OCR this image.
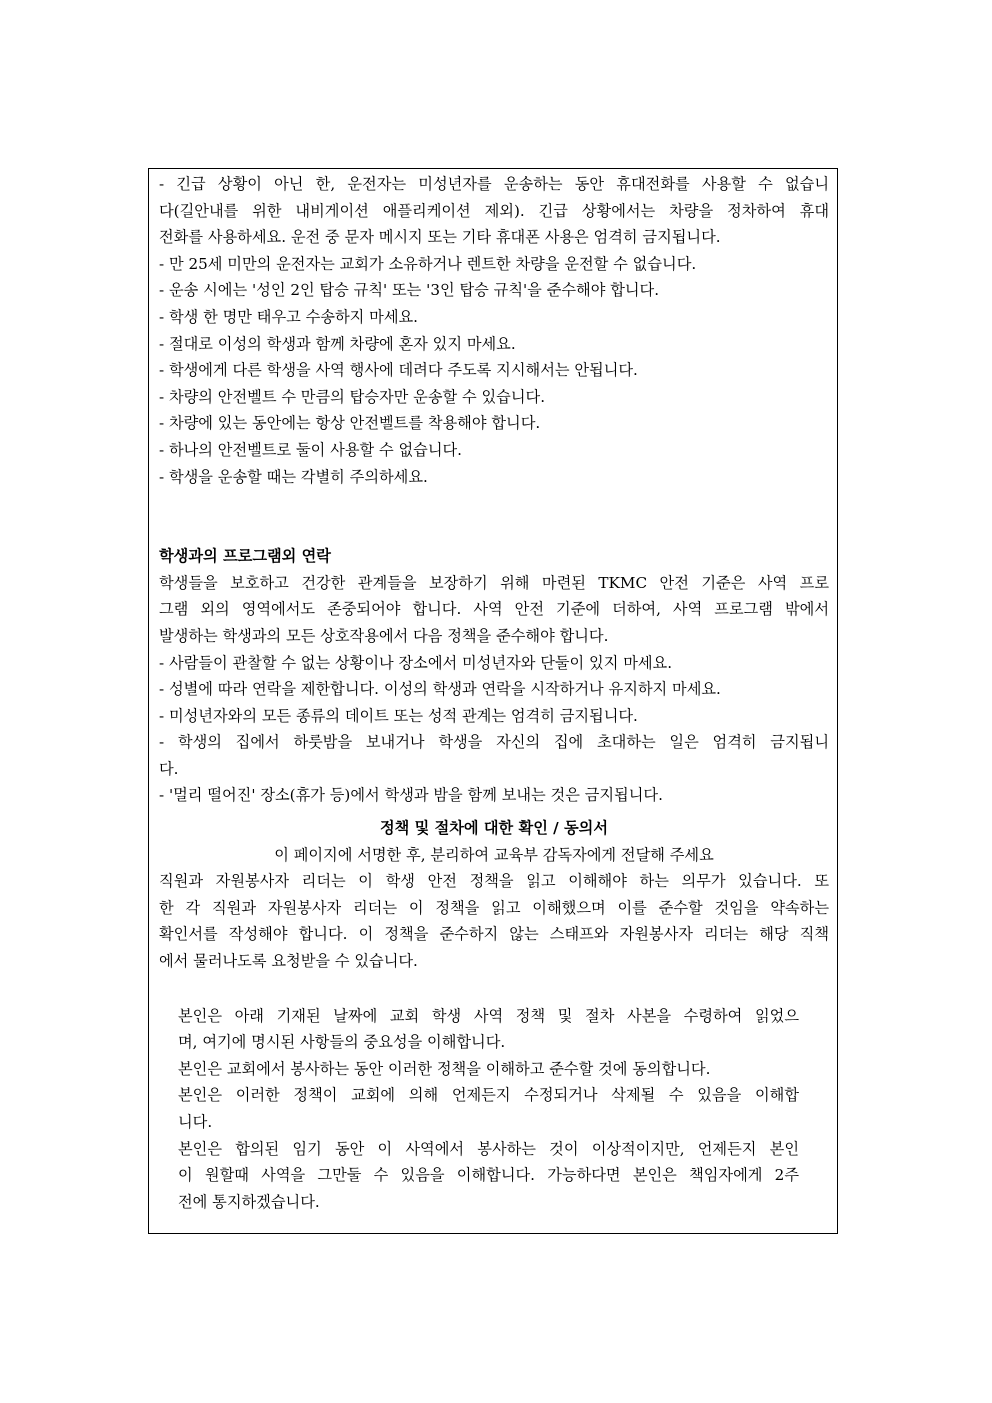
- 긴급 상황이 아닌 한, 운전자는 미성년자를 운송하는 동안 휴대전화를 사용할 수 없습니
다(길안내를 위한 내비게이션 애플리케이션 제외). 긴급 상황에서는 차량을 정차하여 휴대
전화를 사용하세요. 운전 중 문자 메시지 또는 기타 휴대폰 사용은 엄격히 금지됩니다.
- 만 25세 미만의 운전자는 교회가 소유하거나 렌트한 차량을 운전할 수 없습니다.
- 운송 시에는 '성인 2인 탑승 규칙' 또는 '3인 탑승 규칙'을 준수해야 합니다.
- 학생 한 명만 태우고 수송하지 마세요.
- 절대로 이성의 학생과 함께 차량에 혼자 있지 마세요.
- 학생에게 다른 학생을 사역 행사에 데려다 주도록 지시해서는 안됩니다.
- 차량의 안전벨트 수 만큼의 탑승자만 운송할 수 있습니다.
- 차량에 있는 동안에는 항상 안전벨트를 착용해야 합니다.
- 하나의 안전벨트로 둘이 사용할 수 없습니다.
- 학생을 운송할 때는 각별히 주의하세요.
학생과의 프로그램외 연락
학생들을 보호하고 건강한 관계들을 보장하기 위해 마련된 TKMC 안전 기준은 사역 프로
그램 외의 영역에서도 존중되어야 합니다. 사역 안전 기준에 더하여, 사역 프로그램 밖에서
발생하는 학생과의 모든 상호작용에서 다음 정책을 준수해야 합니다.
- 사람들이 관찰할 수 없는 상황이나 장소에서 미성년자와 단둘이 있지 마세요.
- 성별에 따라 연락을 제한합니다. 이성의 학생과 연락을 시작하거나 유지하지 마세요.
- 미성년자와의 모든 종류의 데이트 또는 성적 관계는 엄격히 금지됩니다.
- 학생의 집에서 하룻밤을 보내거나 학생을 자신의 집에 초대하는 일은 엄격히 금지됩니
다.
- '멀리 떨어진' 장소(휴가 등)에서 학생과 밤을 함께 보내는 것은 금지됩니다.
정책 및 절차에 대한 확인 / 동의서
이 페이지에 서명한 후, 분리하여 교육부 감독자에게 전달해 주세요
직원과 자원봉사자 리더는 이 학생 안전 정책을 읽고 이해해야 하는 의무가 있습니다. 또
한 각 직원과 자원봉사자 리더는 이 정책을 읽고 이해했으며 이를 준수할 것임을 약속하는
확인서를 작성해야 합니다. 이 정책을 준수하지 않는 스태프와 자원봉사자 리더는 해당 직책
에서 물러나도록 요청받을 수 있습니다.
본인은 아래 기재된 날짜에 교회 학생 사역 정책 및 절차 사본을 수령하여 읽었으
며, 여기에 명시된 사항들의 중요성을 이해합니다.
본인은 교회에서 봉사하는 동안 이러한 정책을 이해하고 준수할 것에 동의합니다.
본인은 이러한 정책이 교회에 의해 언제든지 수정되거나 삭제될 수 있음을 이해합
니다.
본인은 합의된 임기 동안 이 사역에서 봉사하는 것이 이상적이지만, 언제든지 본인
이 원할때 사역을 그만둘 수 있음을 이해합니다. 가능하다면 본인은 책임자에게 2주
전에 통지하겠습니다.
